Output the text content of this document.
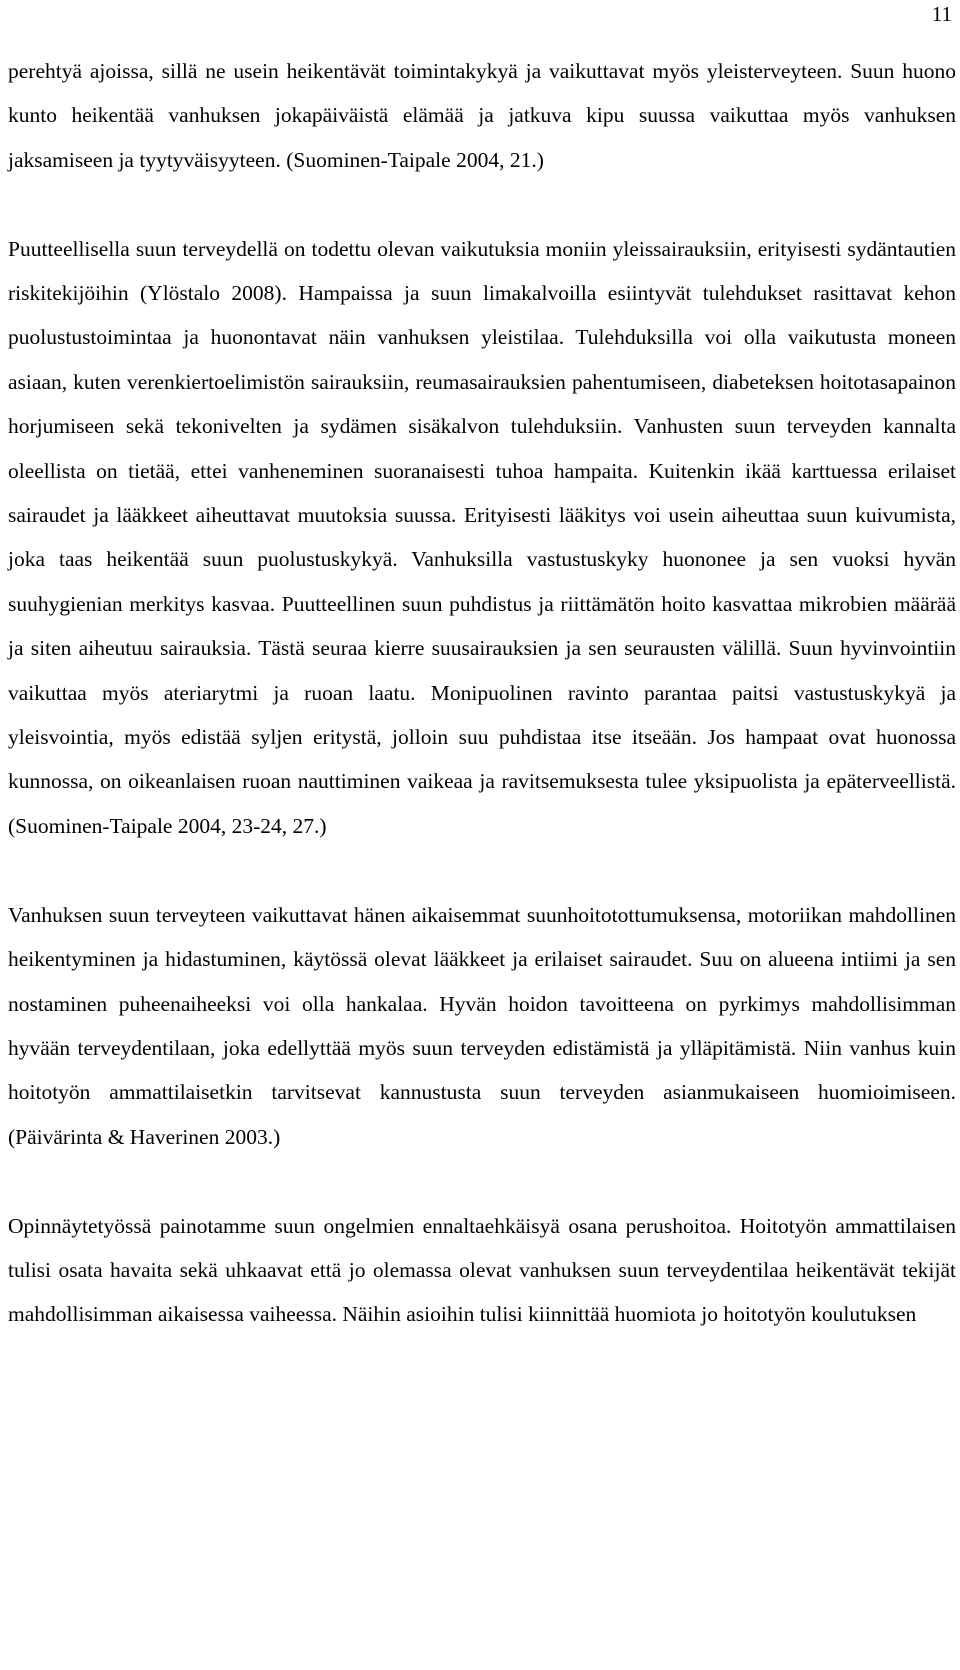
11

perehtyä ajoissa, sillä ne usein heikentävät toimintakykyä ja vaikuttavat myös yleisterveyteen. Suun huono kunto heikentää vanhuksen jokapäiväistä elämää ja jatkuva kipu suussa vaikuttaa myös vanhuksen jaksamiseen ja tyytyväisyyteen. (Suominen-Taipale 2004, 21.)

Puutteellisella suun terveydellä on todettu olevan vaikutuksia moniin yleissairauksiin, erityisesti sydäntautien riskitekijöihin (Ylöstalo 2008). Hampaissa ja suun limakalvoilla esiintyvät tulehdukset rasittavat kehon puolustustoimintaa ja huonontavat näin vanhuksen yleistilaa. Tulehduksilla voi olla vaikutusta moneen asiaan, kuten verenkiertoelimistön sairauksiin, reumasairauksien pahentumiseen, diabeteksen hoitotasapainon horjumiseen sekä tekonivelten ja sydämen sisäkalvon tulehduksiin. Vanhusten suun terveyden kannalta oleellista on tietää, ettei vanheneminen suoranaisesti tuhoa hampaita. Kuitenkin ikää karttuessa erilaiset sairaudet ja lääkkeet aiheuttavat muutoksia suussa. Erityisesti lääkitys voi usein aiheuttaa suun kuivumista, joka taas heikentää suun puolustuskykyä. Vanhuksilla vastustuskyky huononee ja sen vuoksi hyvän suuhygienian merkitys kasvaa. Puutteellinen suun puhdistus ja riittämätön hoito kasvattaa mikrobien määrää ja siten aiheutuu sairauksia. Tästä seuraa kierre suusairauksien ja sen seurausten välillä. Suun hyvinvointiin vaikuttaa myös ateriarytmi ja ruoan laatu. Monipuolinen ravinto parantaa paitsi vastustuskykyä ja yleisvointia, myös edistää syljen eritystä, jolloin suu puhdistaa itse itseään. Jos hampaat ovat huonossa kunnossa, on oikeanlaisen ruoan nauttiminen vaikeaa ja ravitsemuksesta tulee yksipuolista ja epäterveellistä. (Suominen-Taipale 2004, 23-24, 27.)

Vanhuksen suun terveyteen vaikuttavat hänen aikaisemmat suunhoitotottumuksensa, motoriikan mahdollinen heikentyminen ja hidastuminen, käytössä olevat lääkkeet ja erilaiset sairaudet. Suu on alueena intiimi ja sen nostaminen puheenaiheeksi voi olla hankalaa. Hyvän hoidon tavoitteena on pyrkimys mahdollisimman hyvään terveydentilaan, joka edellyttää myös suun terveyden edistämistä ja ylläpitämistä. Niin vanhus kuin hoitotyön ammattilaisetkin tarvitsevat kannustusta suun terveyden asianmukaiseen huomioimiseen. (Päivärinta & Haverinen 2003.)

Opinnäytetyössä painotamme suun ongelmien ennaltaehkäisyä osana perushoitoa. Hoitotyön ammattilaisen tulisi osata havaita sekä uhkaavat että jo olemassa olevat vanhuksen suun terveydentilaa heikentävät tekijät mahdollisimman aikaisessa vaiheessa. Näihin asioihin tulisi kiinnittää huomiota jo hoitotyön koulutuksen
